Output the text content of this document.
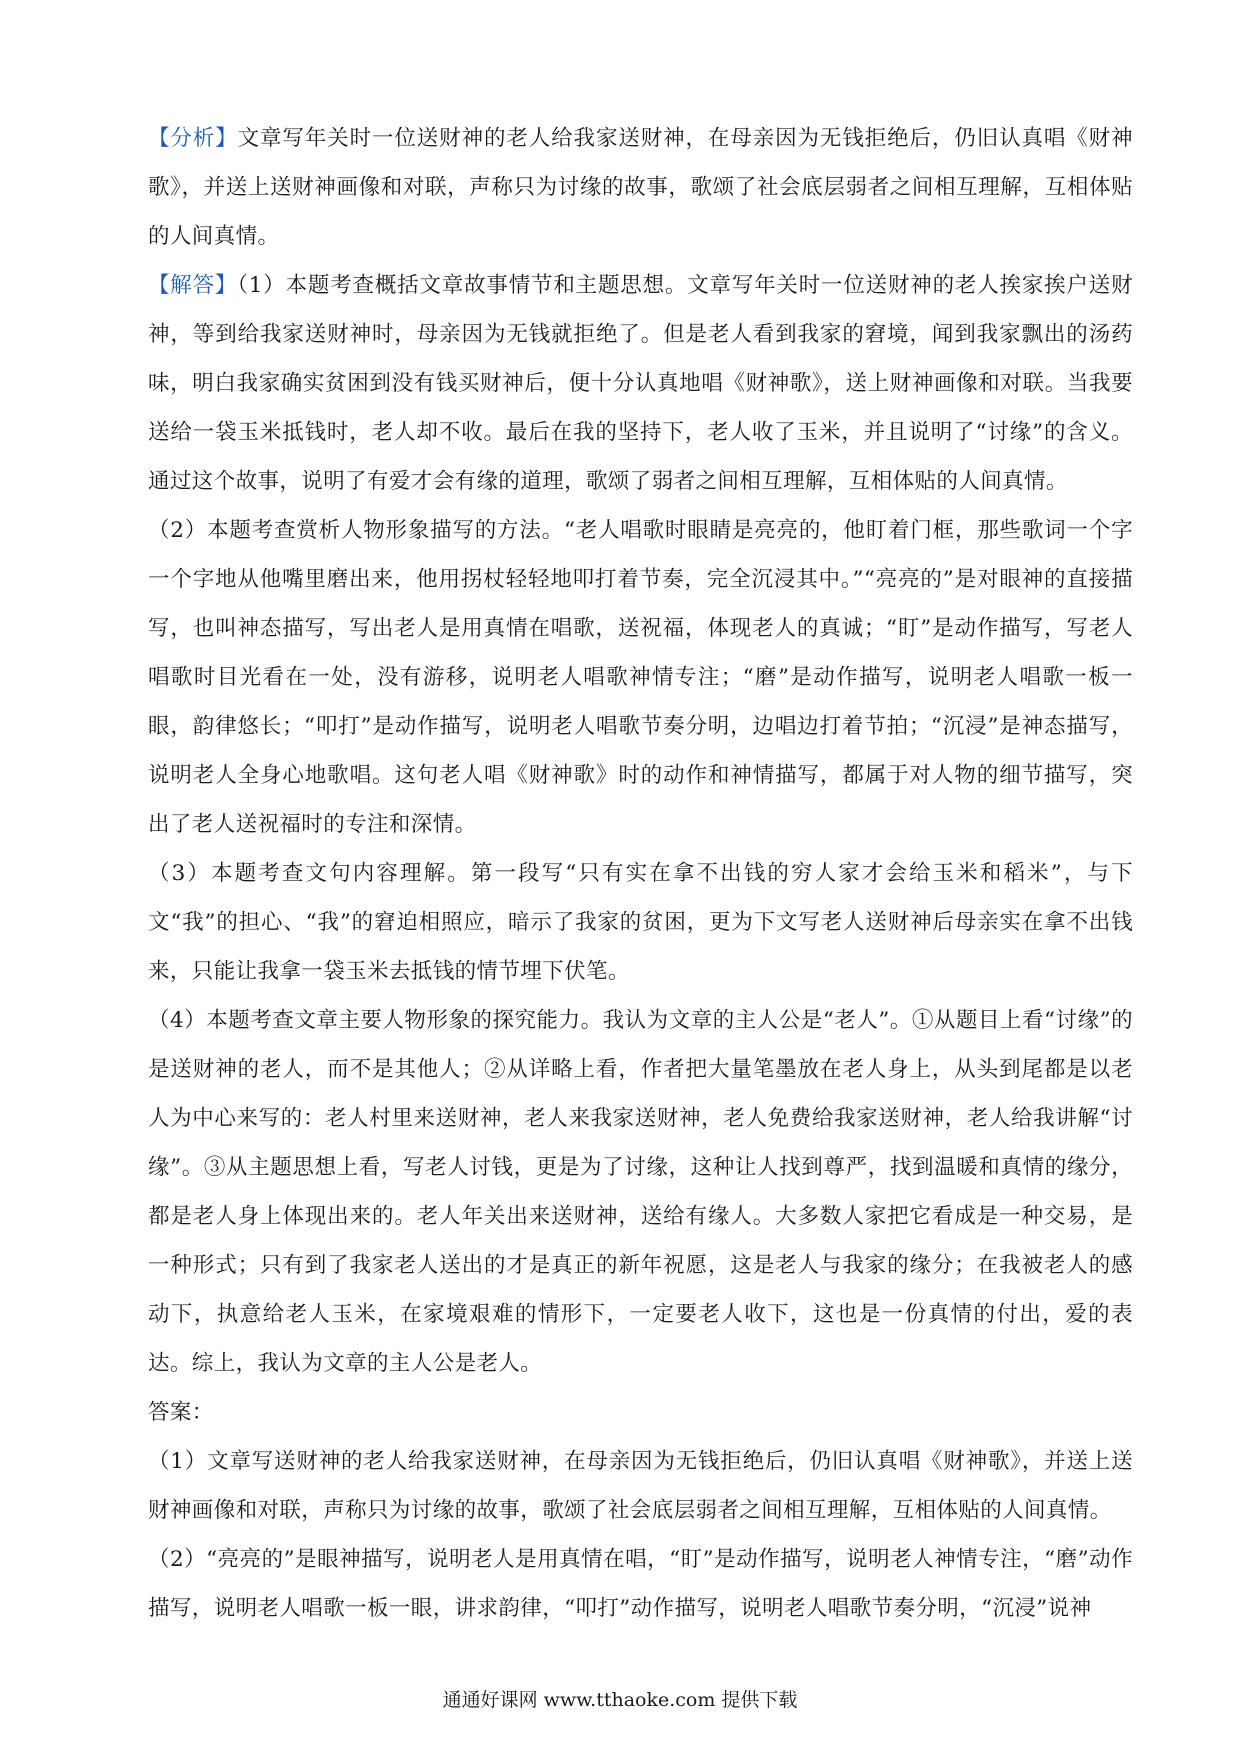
【分析】文章写年关时一位送财神的老人给我家送财神，在母亲因为无钱拒绝后，仍旧认真唱《财神歌》，并送上送财神画像和对联，声称只为讨缘的故事，歌颂了社会底层弱者之间相互理解，互相体贴的人间真情。

【解答】（1）本题考查概括文章故事情节和主题思想。文章写年关时一位送财神的老人挨家挨户送财神，等到给我家送财神时，母亲因为无钱就拒绝了。但是老人看到我家的窘境，闻到我家飘出的汤药味，明白我家确实贫困到没有钱买财神后，便十分认真地唱《财神歌》，送上财神画像和对联。当我要送给一袋玉米抵钱时，老人却不收。最后在我的坚持下，老人收了玉米，并且说明了“讨缘”的含义。通过这个故事，说明了有爱才会有缘的道理，歌颂了弱者之间相互理解，互相体贴的人间真情。

（2）本题考查赏析人物形象描写的方法。“老人唱歌时眼睛是亮亮的，他盯着门框，那些歌词一个字一个字地从他嘴里磨出来，他用拐杖轻轻地叩打着节奏，完全沉浸其中。”“亮亮的”是对眼神的直接描写，也叫神态描写，写出老人是用真情在唱歌，送祝福，体现老人的真诚；“盯”是动作描写，写老人唱歌时目光看在一处，没有游移，说明老人唱歌神情专注；“磨”是动作描写，说明老人唱歌一板一眼，韵律悠长；“叩打”是动作描写，说明老人唱歌节奏分明，边唱边打着节拍；“沉浸”是神态描写，说明老人全身心地歌唱。这句老人唱《财神歌》时的动作和神情描写，都属于对人物的细节描写，突出了老人送祝福时的专注和深情。

（3）本题考查文句内容理解。第一段写“只有实在拿不出钱的穷人家才会给玉米和稻米”，与下文“我”的担心、“我”的窘迫相照应，暗示了我家的贫困，更为下文写老人送财神后母亲实在拿不出钱来，只能让我拿一袋玉米去抵钱的情节埋下伏笔。

（4）本题考查文章主要人物形象的探究能力。我认为文章的主人公是“老人”。①从题目上看“讨缘”的是送财神的老人，而不是其他人；②从详略上看，作者把大量笔墨放在老人身上，从头到尾都是以老人为中心来写的：老人村里来送财神，老人来我家送财神，老人免费给我家送财神，老人给我讲解“讨缘”。③从主题思想上看，写老人讨钱，更是为了讨缘，这种让人找到尊严，找到温暖和真情的缘分，都是老人身上体现出来的。老人年关出来送财神，送给有缘人。大多数人家把它看成是一种交易，是一种形式；只有到了我家老人送出的才是真正的新年祝愿，这是老人与我家的缘分；在我被老人的感动下，执意给老人玉米，在家境艰难的情形下，一定要老人收下，这也是一份真情的付出，爱的表达。综上，我认为文章的主人公是老人。

答案：

（1）文章写送财神的老人给我家送财神，在母亲因为无钱拒绝后，仍旧认真唱《财神歌》，并送上送财神画像和对联，声称只为讨缘的故事，歌颂了社会底层弱者之间相互理解，互相体贴的人间真情。

（2）“亮亮的”是眼神描写，说明老人是用真情在唱，“盯”是动作描写，说明老人神情专注，“磨”动作描写，说明老人唱歌一板一眼，讲求韵律，“叩打”动作描写，说明老人唱歌节奏分明，“沉浸”说神

通通好课网 www.tthaoke.com 提供下载
